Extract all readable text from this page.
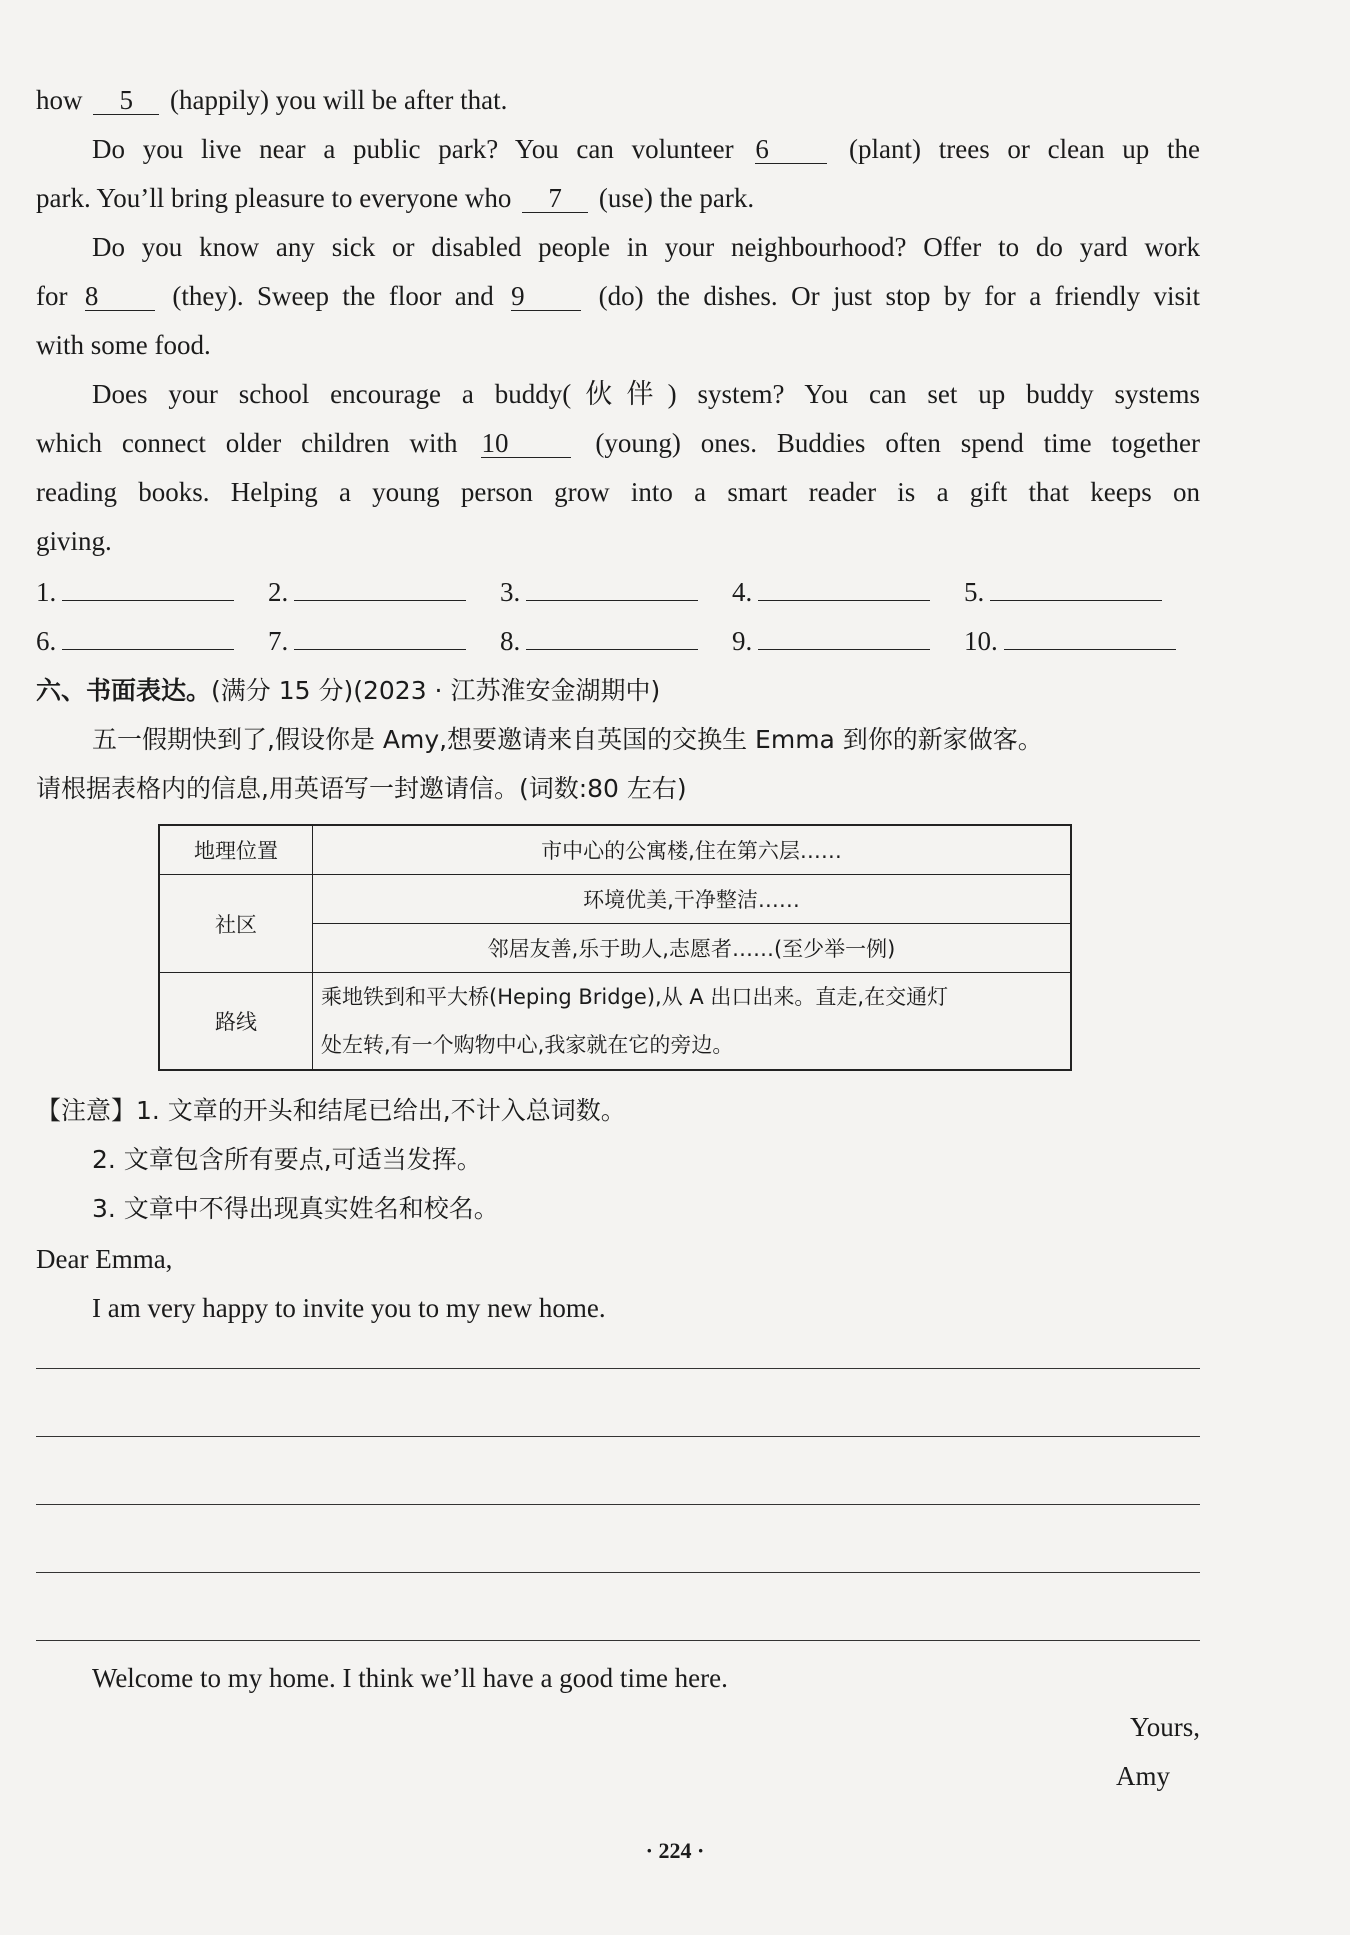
how 5 (happily) you will be after that.
Do you live near a public park? You can volunteer 6	(plant) trees or clean up the
park. You’ll bring pleasure to everyone who 7 (use) the park.
Do you know any sick or disabled people in your neighbourhood? Offer to do yard work
for 8	(they). Sweep the floor and 9	(do) the dishes. Or just stop by for a friendly visit
with some food.
Does your school encourage a buddy(伙伴) system? You can set up buddy systems
which connect older children with 10	(young) ones. Buddies often spend time together
reading books. Helping a young person grow into a smart reader is a gift that keeps on
giving.
1.	2.	3.	4.	5.
6.	7.	8.	9.	10.
六、书面表达。(满分 15 分)(2023 · 江苏淮安金湖期中)
五一假期快到了,假设你是 Amy,想要邀请来自英国的交换生 Emma 到你的新家做客。
请根据表格内的信息,用英语写一封邀请信。(词数:80 左右)
地理位置	市中心的公寓楼,住在第六层……
社区	环境优美,干净整洁……
	邻居友善,乐于助人,志愿者……(至少举一例)
路线	乘地铁到和平大桥(Heping Bridge),从 A 出口出来。直走,在交通灯
处左转,有一个购物中心,我家就在它的旁边。
【注意】1. 文章的开头和结尾已给出,不计入总词数。
2. 文章包含所有要点,可适当发挥。
3. 文章中不得出现真实姓名和校名。
Dear Emma,
I am very happy to invite you to my new home.
Welcome to my home. I think we’ll have a good time here.
Yours,
Amy
· 224 ·
